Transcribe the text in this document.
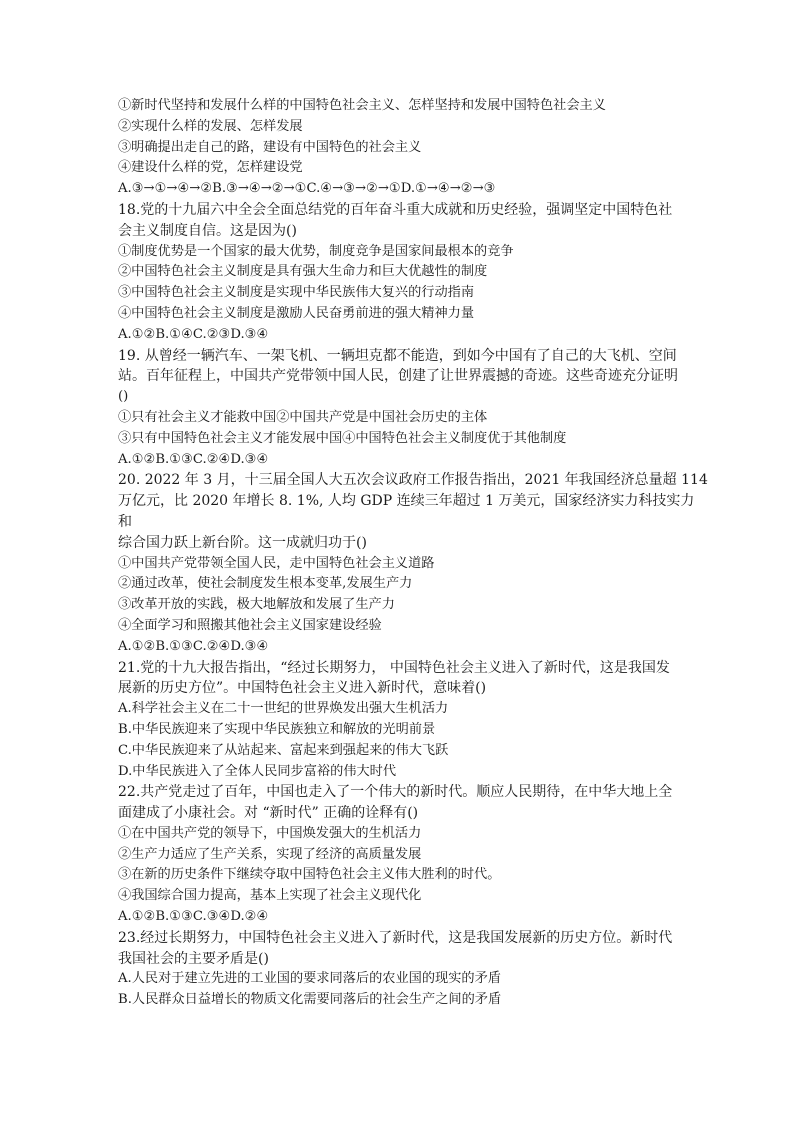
①新时代坚持和发展什么样的中国特色社会主义、怎样坚持和发展中国特色社会主义
②实现什么样的发展、怎样发展
③明确提出走自己的路，建设有中国特色的社会主义
④建设什么样的党，怎样建设党
A.③→①→④→②B.③→④→②→①C.④→③→②→①D.①→④→②→③
18.党的十九届六中全会全面总结党的百年奋斗重大成就和历史经验，强调坚定中国特色社
会主义制度自信。这是因为()
①制度优势是一个国家的最大优势，制度竞争是国家间最根本的竞争
②中国特色社会主义制度是具有强大生命力和巨大优越性的制度
③中国特色社会主义制度是实现中华民族伟大复兴的行动指南
④中国特色社会主义制度是激励人民奋勇前进的强大精神力量
A.①②B.①④C.②③D.③④
19. 从曾经一辆汽车、一架飞机、一辆坦克都不能造，到如今中国有了自己的大飞机、空间
站。百年征程上，中国共产党带领中国人民，创建了让世界震撼的奇迹。这些奇迹充分证明
()
①只有社会主义才能救中国②中国共产党是中国社会历史的主体
③只有中国特色社会主义才能发展中国④中国特色社会主义制度优于其他制度
A.①②B.①③C.②④D.③④
20. 2022 年 3 月，十三届全国人大五次会议政府工作报告指出，2021 年我国经济总量超 114
万亿元，比 2020 年增长 8. 1%, 人均 GDP 连续三年超过 1 万美元，国家经济实力科技实力
和
综合国力跃上新台阶。这一成就归功于()
①中国共产党带领全国人民，走中国特色社会主义道路
②通过改革，使社会制度发生根本变革,发展生产力
③改革开放的实践，极大地解放和发展了生产力
④全面学习和照搬其他社会主义国家建设经验
A.①②B.①③C.②④D.③④
21.党的十九大报告指出，“经过长期努力， 中国特色社会主义进入了新时代，这是我国发
展新的历史方位”。中国特色社会主义进入新时代，意味着()
A.科学社会主义在二十一世纪的世界焕发出强大生机活力
B.中华民族迎来了实现中华民族独立和解放的光明前景
C.中华民族迎来了从站起来、富起来到强起来的伟大飞跃
D.中华民族进入了全体人民同步富裕的伟大时代
22.共产党走过了百年，中国也走入了一个伟大的新时代。顺应人民期待，在中华大地上全
面建成了小康社会。对 “新时代” 正确的诠释有()
①在中国共产党的领导下，中国焕发强大的生机活力
②生产力适应了生产关系，实现了经济的高质量发展
③在新的历史条件下继续夺取中国特色社会主义伟大胜利的时代。
④我国综合国力提高，基本上实现了社会主义现代化
A.①②B.①③C.③④D.②④
23.经过长期努力，中国特色社会主义进入了新时代，这是我国发展新的历史方位。新时代
我国社会的主要矛盾是()
A.人民对于建立先进的工业国的要求同落后的农业国的现实的矛盾
B.人民群众日益增长的物质文化需要同落后的社会生产之间的矛盾
